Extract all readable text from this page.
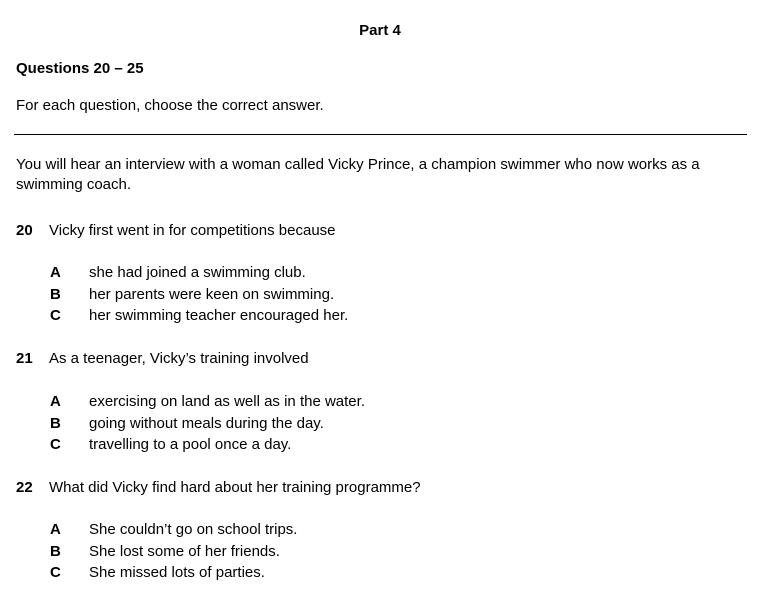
Part 4
Questions 20 – 25
For each question, choose the correct answer.
You will hear an interview with a woman called Vicky Prince, a champion swimmer who now works as a swimming coach.
20 Vicky first went in for competitions because
A she had joined a swimming club.
B her parents were keen on swimming.
C her swimming teacher encouraged her.
21 As a teenager, Vicky’s training involved
A exercising on land as well as in the water.
B going without meals during the day.
C travelling to a pool once a day.
22 What did Vicky find hard about her training programme?
A She couldn’t go on school trips.
B She lost some of her friends.
C She missed lots of parties.
